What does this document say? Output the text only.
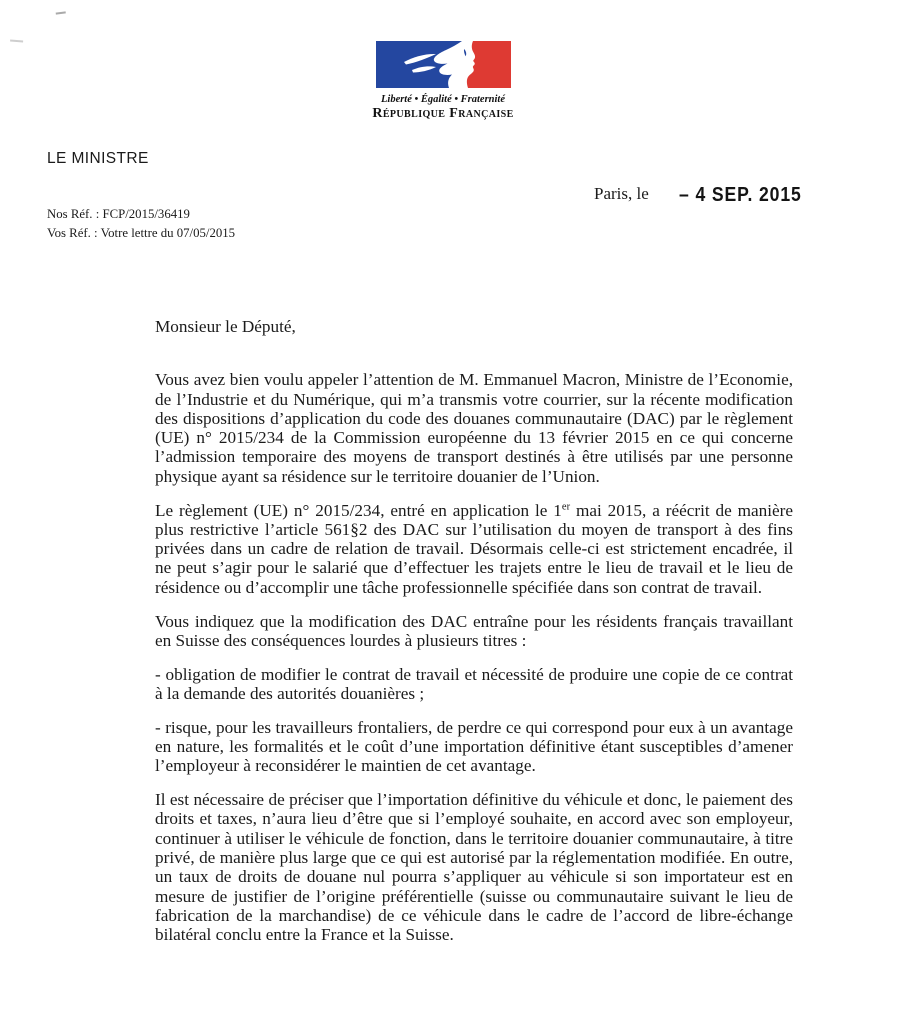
Liberté • Égalité • Fraternité
République Française
LE MINISTRE
Paris, le – 4 SEP. 2015
Nos Réf. : FCP/2015/36419
Vos Réf. : Votre lettre du 07/05/2015

Monsieur le Député,

Vous avez bien voulu appeler l’attention de M. Emmanuel Macron, Ministre de l’Economie, de l’Industrie et du Numérique, qui m’a transmis votre courrier, sur la récente modification des dispositions d’application du code des douanes communautaire (DAC) par le règlement (UE) n° 2015/234 de la Commission européenne du 13 février 2015 en ce qui concerne l’admission temporaire des moyens de transport destinés à être utilisés par une personne physique ayant sa résidence sur le territoire douanier de l’Union.

Le règlement (UE) n° 2015/234, entré en application le 1er mai 2015, a réécrit de manière plus restrictive l’article 561§2 des DAC sur l’utilisation du moyen de transport à des fins privées dans un cadre de relation de travail. Désormais celle-ci est strictement encadrée, il ne peut s’agir pour le salarié que d’effectuer les trajets entre le lieu de travail et le lieu de résidence ou d’accomplir une tâche professionnelle spécifiée dans son contrat de travail.

Vous indiquez que la modification des DAC entraîne pour les résidents français travaillant en Suisse des conséquences lourdes à plusieurs titres :

- obligation de modifier le contrat de travail et nécessité de produire une copie de ce contrat à la demande des autorités douanières ;

- risque, pour les travailleurs frontaliers, de perdre ce qui correspond pour eux à un avantage en nature, les formalités et le coût d’une importation définitive étant susceptibles d’amener l’employeur à reconsidérer le maintien de cet avantage.

Il est nécessaire de préciser que l’importation définitive du véhicule et donc, le paiement des droits et taxes, n’aura lieu d’être que si l’employé souhaite, en accord avec son employeur, continuer à utiliser le véhicule de fonction, dans le territoire douanier communautaire, à titre privé, de manière plus large que ce qui est autorisé par la réglementation modifiée. En outre, un taux de droits de douane nul pourra s’appliquer au véhicule si son importateur est en mesure de justifier de l’origine préférentielle (suisse ou communautaire suivant le lieu de fabrication de la marchandise) de ce véhicule dans le cadre de l’accord de libre-échange bilatéral conclu entre la France et la Suisse.
